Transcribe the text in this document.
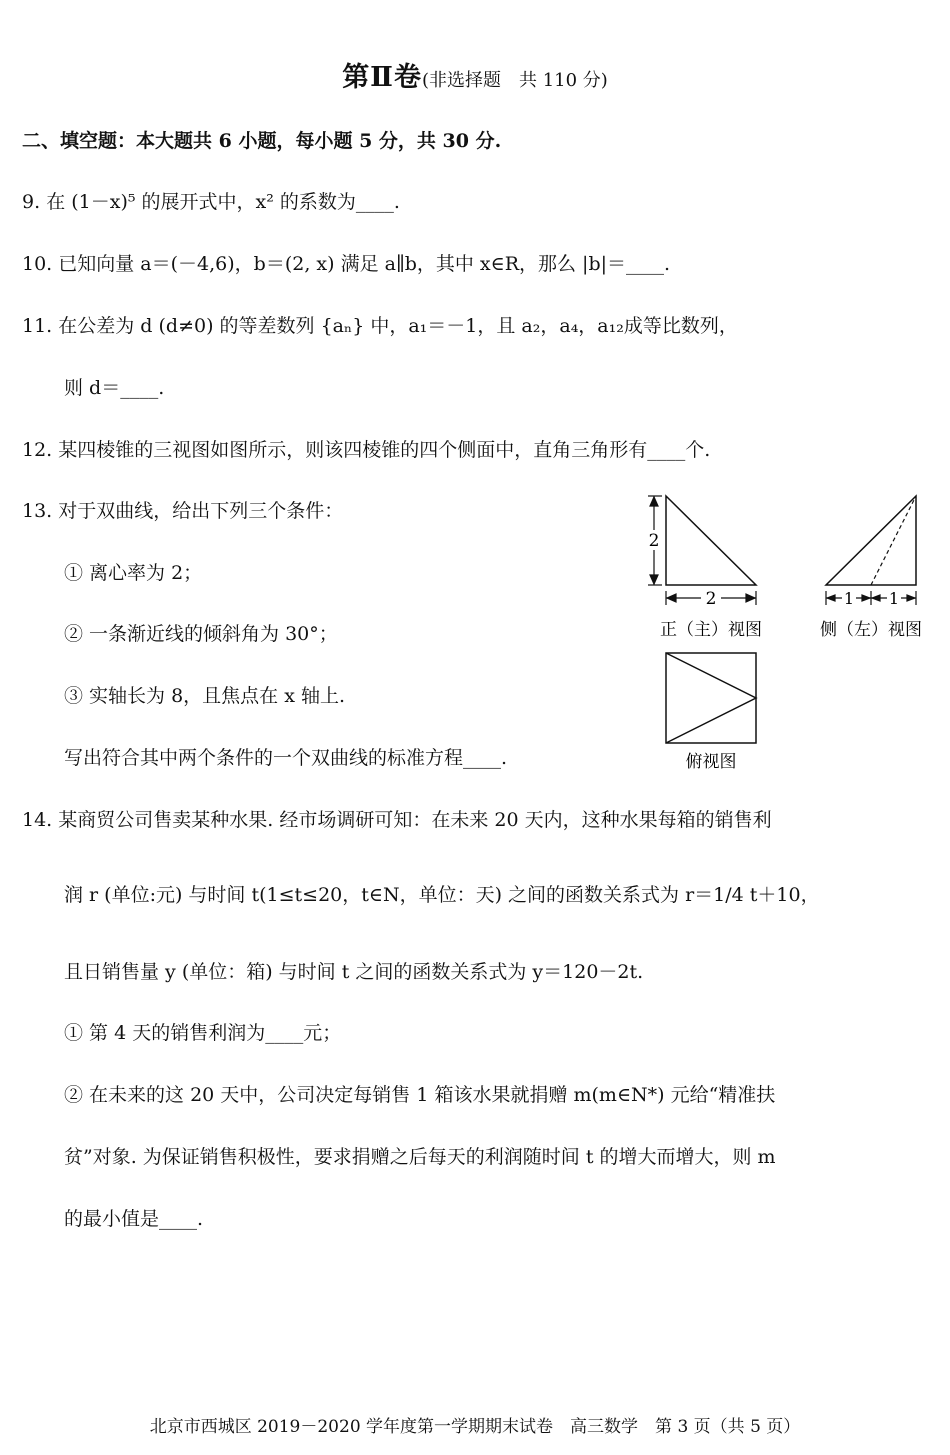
第Ⅱ卷(非选择题　共 110 分)
二、填空题：本大题共 6 小题，每小题 5 分，共 30 分.
9. 在 (1－x)⁵ 的展开式中，x² 的系数为____.
10. 已知向量 a＝(－4,6)，b＝(2, x) 满足 a∥b，其中 x∈R，那么 |b|＝____.
11. 在公差为 d (d≠0) 的等差数列 {aₙ} 中，a₁＝－1，且 a₂，a₄，a₁₂成等比数列，
则 d＝____.
12. 某四棱锥的三视图如图所示，则该四棱锥的四个侧面中，直角三角形有____个.
13. 对于双曲线，给出下列三个条件：
① 离心率为 2；
② 一条渐近线的倾斜角为 30°；
③ 实轴长为 8，且焦点在 x 轴上.
写出符合其中两个条件的一个双曲线的标准方程____.
2
2
正（主）视图
1 1
侧（左）视图
俯视图
14. 某商贸公司售卖某种水果. 经市场调研可知：在未来 20 天内，这种水果每箱的销售利
润 r (单位:元) 与时间 t(1≤t≤20，t∈N，单位：天) 之间的函数关系式为 r＝1/4 t＋10，
且日销售量 y (单位：箱) 与时间 t 之间的函数关系式为 y＝120－2t.
① 第 4 天的销售利润为____元；
② 在未来的这 20 天中，公司决定每销售 1 箱该水果就捐赠 m(m∈N*) 元给“精准扶
贫”对象. 为保证销售积极性，要求捐赠之后每天的利润随时间 t 的增大而增大，则 m
的最小值是____.
北京市西城区 2019－2020 学年度第一学期期末试卷　高三数学　第 3 页（共 5 页）
